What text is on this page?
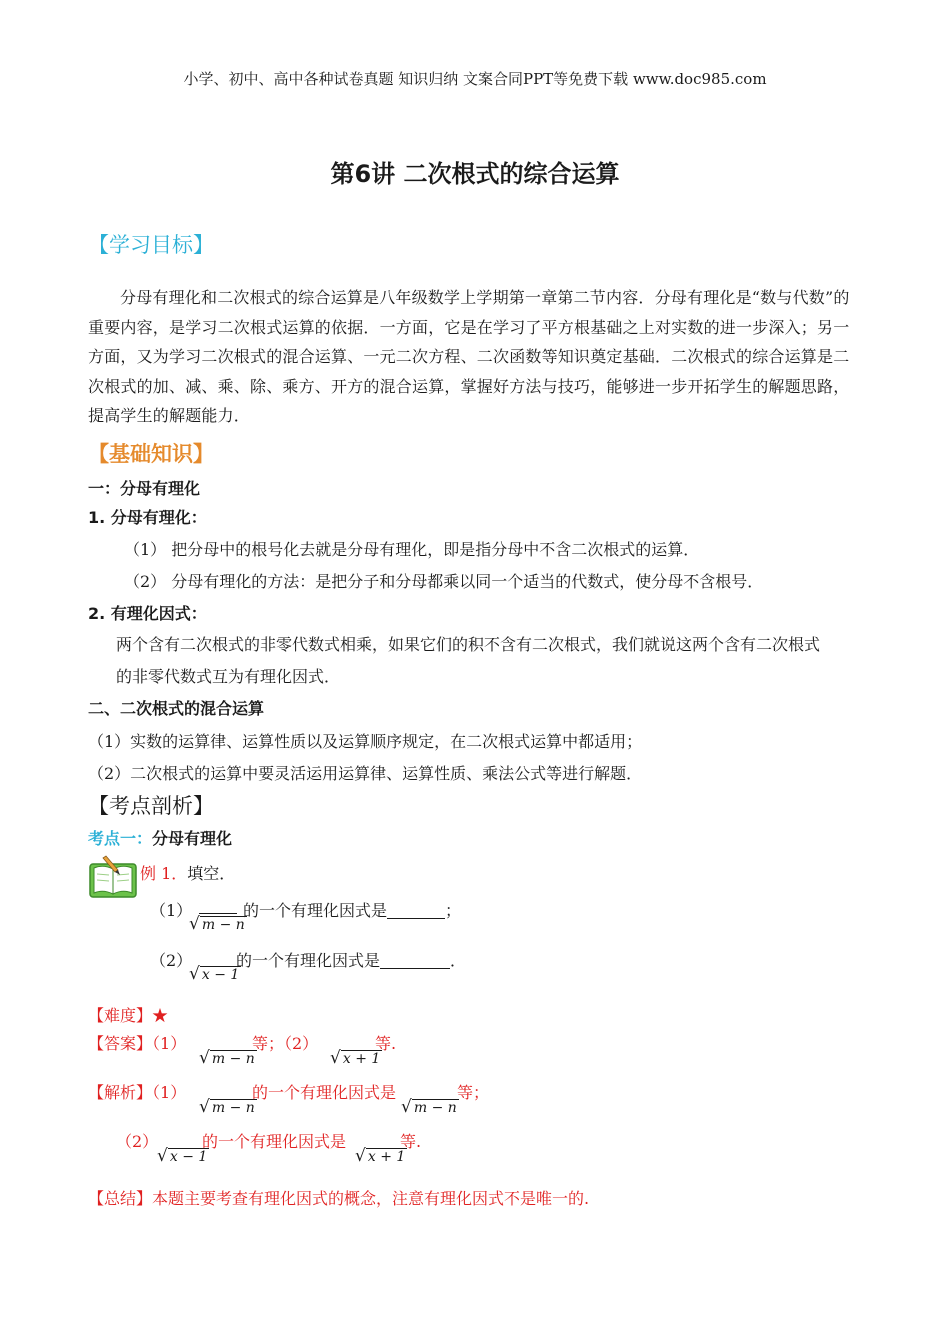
小学、初中、高中各种试卷真题 知识归纳 文案合同PPT等免费下载 www.doc985.com
第6讲 二次根式的综合运算
【学习目标】
分母有理化和二次根式的综合运算是八年级数学上学期第一章第二节内容．分母有理化是“数与代数”的重要内容，是学习二次根式运算的依据．一方面，它是在学习了平方根基础之上对实数的进一步深入；另一方面，又为学习二次根式的混合运算、一元二次方程、二次函数等知识奠定基础．二次根式的综合运算是二次根式的加、减、乘、除、乘方、开方的混合运算，掌握好方法与技巧，能够进一步开拓学生的解题思路，提高学生的解题能力．
【基础知识】
一：分母有理化
1. 分母有理化：
（1） 把分母中的根号化去就是分母有理化，即是指分母中不含二次根式的运算．
（2） 分母有理化的方法：是把分子和分母都乘以同一个适当的代数式，使分母不含根号．
2. 有理化因式：
两个含有二次根式的非零代数式相乘，如果它们的积不含有二次根式，我们就说这两个含有二次根式
的非零代数式互为有理化因式．
二、二次根式的混合运算
（1）实数的运算律、运算性质以及运算顺序规定，在二次根式运算中都适用；
（2）二次根式的运算中要灵活运用运算律、运算性质、乘法公式等进行解题．
【考点剖析】
考点一：分母有理化
例 1．填空．
（1）
√ m − n
的一个有理化因式是	；
（2）
√ x − 1
的一个有理化因式是	．
【难度】★
【答案】（1）
√ m − n
等；（2）
√ x + 1
等.
【解析】（1）
√ m − n
的一个有理化因式是
√ m − n
等；
（2）
√ x − 1
的一个有理化因式是
√ x + 1
等.
【总结】本题主要考查有理化因式的概念，注意有理化因式不是唯一的.
